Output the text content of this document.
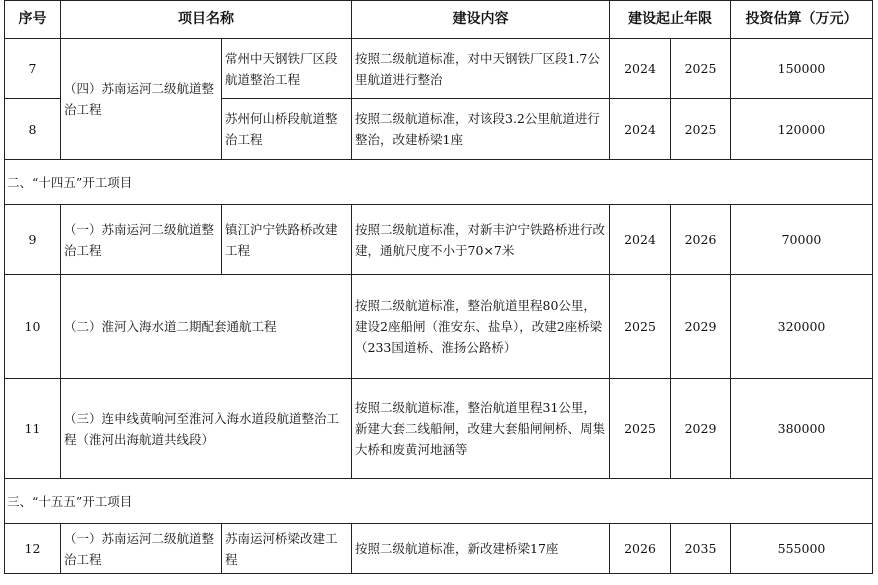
序号	项目名称		建设内容	建设起止年限		投资估算（万元）
7	（四）苏南运河二级航道整治工程	常州中天钢铁厂区段航道整治工程	按照二级航道标准，对中天钢铁厂区段1.7公里航道进行整治	2024	2025	150000
8		苏州何山桥段航道整治工程	按照二级航道标准，对该段3.2公里航道进行整治，改建桥梁1座	2024	2025	120000
二、“十四五”开工项目						
9	（一）苏南运河二级航道整治工程	镇江沪宁铁路桥改建工程	按照二级航道标准，对新丰沪宁铁路桥进行改建，通航尺度不小于70×7米	2024	2026	70000
10	（二）淮河入海水道二期配套通航工程		按照二级航道标准，整治航道里程80公里，建设2座船闸（淮安东、盐阜），改建2座桥梁（233国道桥、淮扬公路桥）	2025	2029	320000
11	（三）连申线黄响河至淮河入海水道段航道整治工程（淮河出海航道共线段）		按照二级航道标准，整治航道里程31公里，新建大套二线船闸，改建大套船闸闸桥、周集大桥和废黄河地涵等	2025	2029	380000
三、“十五五”开工项目						
12	（一）苏南运河二级航道整治工程	苏南运河桥梁改建工程	按照二级航道标准，新改建桥梁17座	2026	2035	555000
